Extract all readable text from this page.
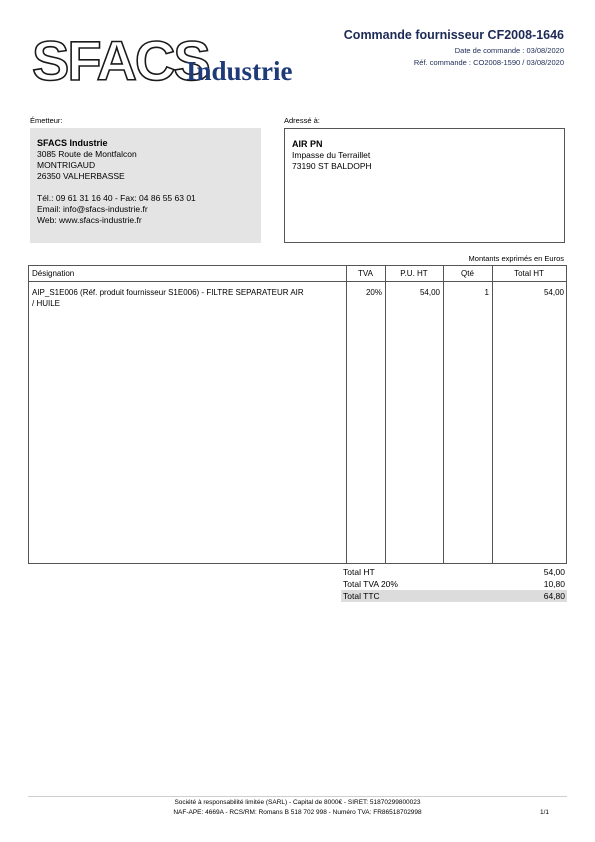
SFACS
Industrie
Commande fournisseur CF2008-1646
Date de commande : 03/08/2020
Réf. commande : CO2008-1590 / 03/08/2020
Émetteur:
SFACS Industrie
3085 Route de Montfalcon
MONTRIGAUD
26350 VALHERBASSE
Tél.: 09 61 31 16 40 - Fax: 04 86 55 63 01
Email: info@sfacs-industrie.fr
Web: www.sfacs-industrie.fr
Adressé à:
AIR PN
Impasse du Terraillet
73190 ST BALDOPH
Montants exprimés en Euros
Désignation	TVA	P.U. HT	Qté	Total HT
AIP_S1E006 (Réf. produit fournisseur S1E006) - FILTRE SEPARATEUR AIR
/ HUILE
20%	54,00	1	54,00
Total HT	54,00
Total TVA 20%	10,80
Total TTC	64,80
Société à responsabilité limitée (SARL) - Capital de 8000€ - SIRET: 51870299800023
NAF-APE: 4669A - RCS/RM: Romans B 518 702 998 - Numéro TVA: FR86518702998	1/1
